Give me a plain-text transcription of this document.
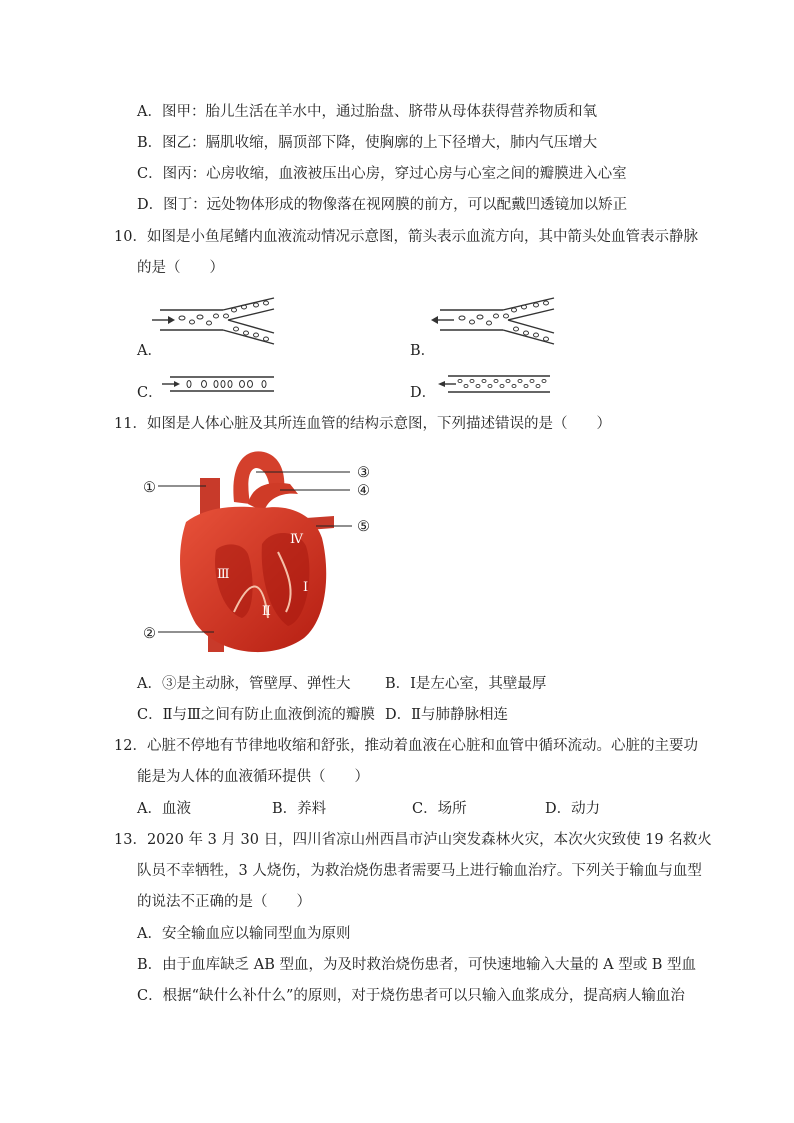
A．图甲：胎儿生活在羊水中，通过胎盘、脐带从母体获得营养物质和氧
B．图乙：膈肌收缩，膈顶部下降，使胸廓的上下径增大，肺内气压增大
C．图丙：心房收缩，血液被压出心房，穿过心房与心室之间的瓣膜进入心室
D．图丁：远处物体形成的物像落在视网膜的前方，可以配戴凹透镜加以矫正
10．如图是小鱼尾鳍内血液流动情况示意图，箭头表示血流方向，其中箭头处血管表示静脉
的是（　　）
A．	B．
C．	D．
11．如图是人体心脏及其所连血管的结构示意图，下列描述错误的是（　　）
①
②
③
④
⑤
Ⅰ
Ⅱ
Ⅲ
Ⅳ
A．③是主动脉，管壁厚、弹性大 B．Ⅰ是左心室，其壁最厚
C．Ⅱ与Ⅲ之间有防止血液倒流的瓣膜 D．Ⅱ与肺静脉相连
12．心脏不停地有节律地收缩和舒张，推动着血液在心脏和血管中循环流动。心脏的主要功
能是为人体的血液循环提供（　　）
A．血液	B．养料	C．场所	D．动力
13．2020 年 3 月 30 日，四川省凉山州西昌市泸山突发森林火灾，本次火灾致使 19 名救火
队员不幸牺牲，3 人烧伤，为救治烧伤患者需要马上进行输血治疗。下列关于输血与血型
的说法不正确的是（　　）
A．安全输血应以输同型血为原则
B．由于血库缺乏 AB 型血，为及时救治烧伤患者，可快速地输入大量的 A 型或 B 型血
C．根据“缺什么补什么”的原则，对于烧伤患者可以只输入血浆成分，提高病人输血治
